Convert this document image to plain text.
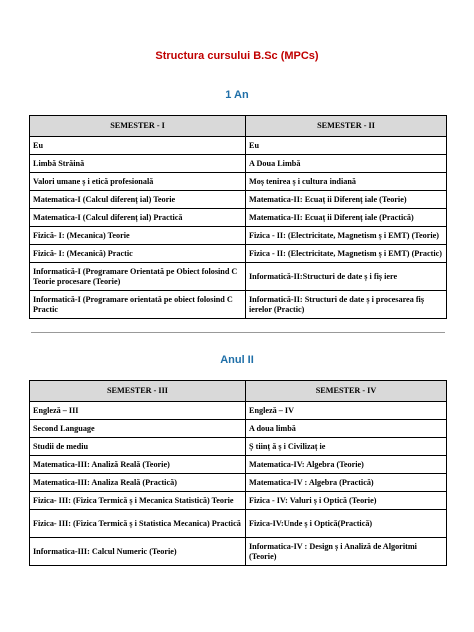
Structura cursului B.Sc (MPCs)
1 An
SEMESTER - I	SEMESTER - II
Eu	Eu
Limbă Străină	A Doua Limbă
Valori umane ș i etică profesională	Moș tenirea ș i cultura indiană
Matematica-I (Calcul diferenț ial) Teorie	Matematica-II: Ecuaț ii Diferenț iale (Teorie)
Matematica-I (Calcul diferenț ial) Practică	Matematica-II: Ecuaț ii Diferenț iale (Practică)
Fizică- I: (Mecanica) Teorie	Fizica - II: (Electricitate, Magnetism ș i EMT) (Teorie)
Fizică- I: (Mecanică) Practic	Fizica - II: (Electricitate, Magnetism ș i EMT) (Practic)
Informatică-I (Programare Orientată pe Obiect folosind C Teorie procesare (Teorie)	Informatică-II:Structuri de date ș i fiș iere
Informatică-I (Programare orientată pe obiect folosind C Practic	Informatică-II: Structuri de date ș i procesarea fiș ierelor (Practic)
Anul II
SEMESTER - III	SEMESTER - IV
Engleză – III	Engleză – IV
Second Language	A doua limbă
Studii de mediu	Ș tiinț ă ș i Civilizaț ie
Matematica-III: Analiză Reală (Teorie)	Matematica-IV: Algebra (Teorie)
Matematica-III: Analiza Reală (Practică)	Matematica-IV : Algebra (Practică)
Fizica- III: (Fizica Termică ș i Mecanica Statistică) Teorie	Fizica - IV: Valuri ș i Optică (Teorie)
Fizica- III: (Fizica Termică ș i Statistica Mecanica) Practică	Fizica-IV:Unde ș i Optică(Practică)
Informatica-III: Calcul Numeric (Teorie)	Informatica-IV : Design ș i Analiză de Algoritmi (Teorie)
